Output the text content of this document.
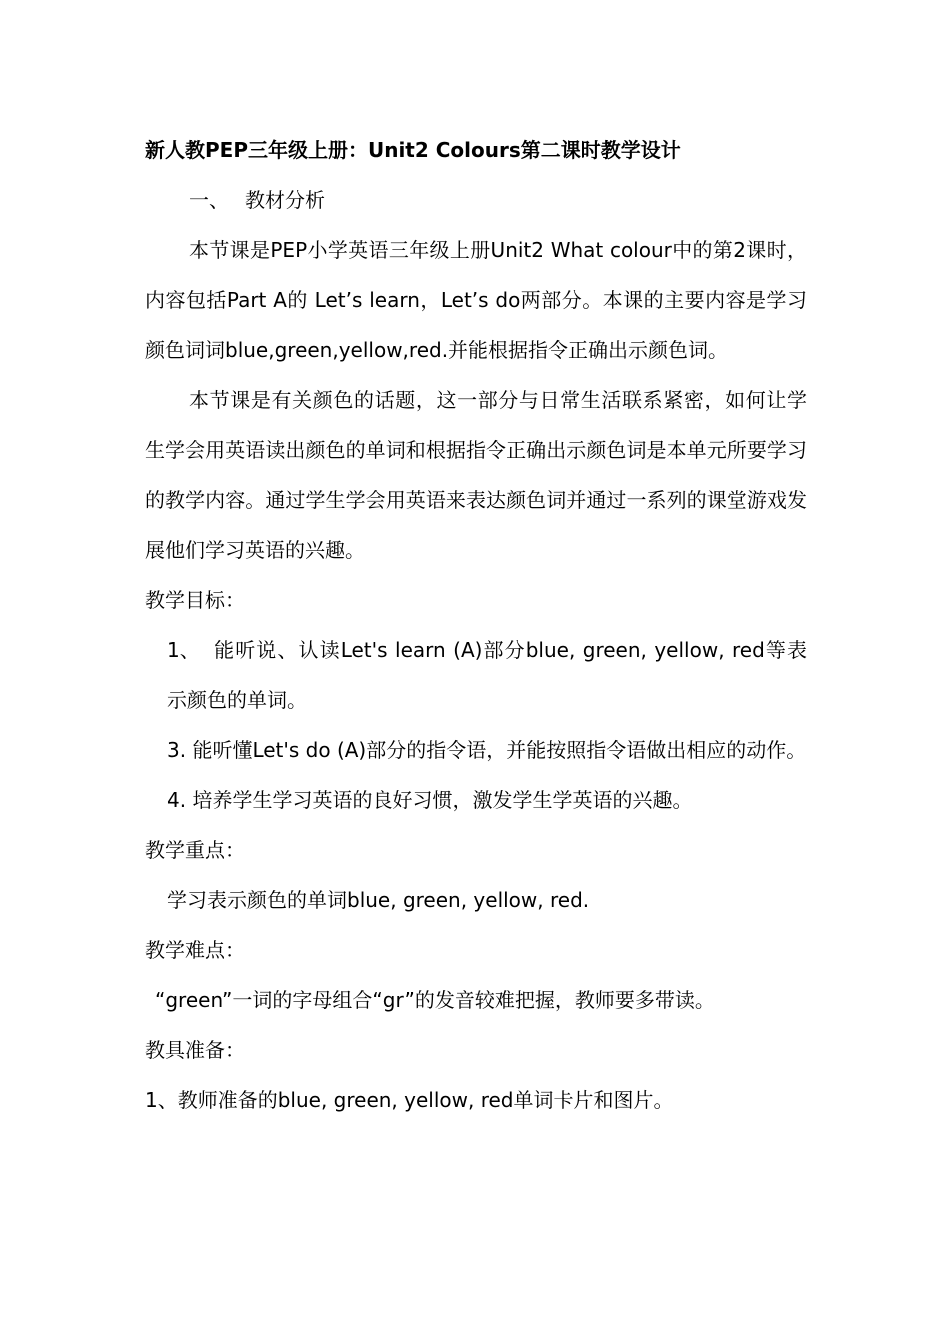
新人教PEP三年级上册：Unit2 Colours第二课时教学设计
一、 教材分析
本节课是PEP小学英语三年级上册Unit2 What colour中的第2课时，内容包括Part A的 Let’s learn，Let’s do两部分。本课的主要内容是学习颜色词词blue,green,yellow,red.并能根据指令正确出示颜色词。
本节课是有关颜色的话题，这一部分与日常生活联系紧密，如何让学生学会用英语读出颜色的单词和根据指令正确出示颜色词是本单元所要学习的教学内容。通过学生学会用英语来表达颜色词并通过一系列的课堂游戏发展他们学习英语的兴趣。
教学目标：
1、 能听说、认读Let's learn (A)部分blue, green, yellow, red等表示颜色的单词。
3. 能听懂Let's do (A)部分的指令语，并能按照指令语做出相应的动作。
4. 培养学生学习英语的良好习惯，激发学生学英语的兴趣。
教学重点：
学习表示颜色的单词blue, green, yellow, red.
教学难点：
“green”一词的字母组合“gr”的发音较难把握，教师要多带读。
教具准备：
1、教师准备的blue, green, yellow, red单词卡片和图片。
